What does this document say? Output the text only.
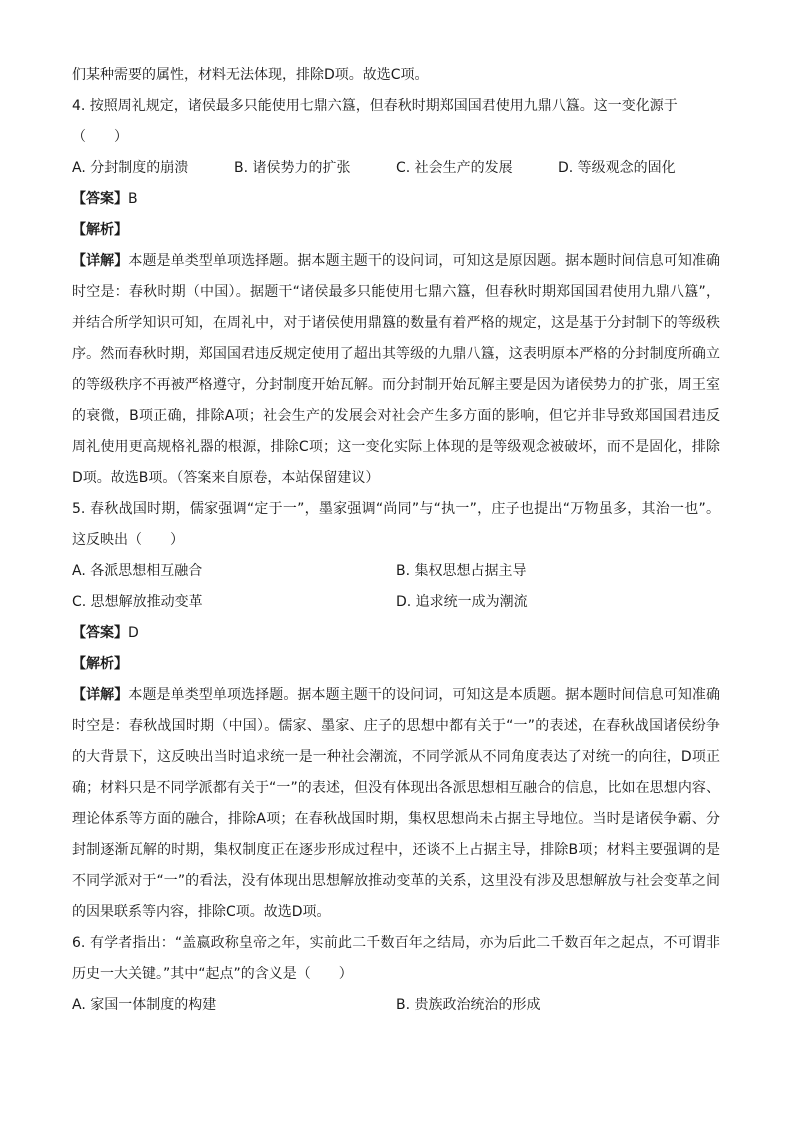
们某种需要的属性，材料无法体现，排除D项。故选C项。
4. 按照周礼规定，诸侯最多只能使用七鼎六簋，但春秋时期郑国国君使用九鼎八簋。这一变化源于
（　　）
A. 分封制度的崩溃	B. 诸侯势力的扩张	C. 社会生产的发展	D. 等级观念的固化
【答案】B
【解析】
【详解】本题是单类型单项选择题。据本题主题干的设问词，可知这是原因题。据本题时间信息可知准确时空是：春秋时期（中国）。据题干“诸侯最多只能使用七鼎六簋，但春秋时期郑国国君使用九鼎八簋”，并结合所学知识可知，在周礼中，对于诸侯使用鼎簋的数量有着严格的规定，这是基于分封制下的等级秩序。然而春秋时期，郑国国君违反规定使用了超出其等级的九鼎八簋，这表明原本严格的分封制度所确立的等级秩序不再被严格遵守，分封制度开始瓦解。而分封制开始瓦解主要是因为诸侯势力的扩张，周王室的衰微，B项正确，排除A项；社会生产的发展会对社会产生多方面的影响，但它并非导致郑国国君违反周礼使用更高规格礼器的根源，排除C项；这一变化实际上体现的是等级观念被破坏，而不是固化，排除D项。故选B项。（答案来自原卷，本站保留建议）
5. 春秋战国时期，儒家强调“定于一”，墨家强调“尚同”与“执一”，庄子也提出“万物虽多，其治一也”。这反映出（　　）
A. 各派思想相互融合	B. 集权思想占据主导
C. 思想解放推动变革	D. 追求统一成为潮流
【答案】D
【解析】
【详解】本题是单类型单项选择题。据本题主题干的设问词，可知这是本质题。据本题时间信息可知准确时空是：春秋战国时期（中国）。儒家、墨家、庄子的思想中都有关于“一”的表述，在春秋战国诸侯纷争的大背景下，这反映出当时追求统一是一种社会潮流，不同学派从不同角度表达了对统一的向往，D项正确；材料只是不同学派都有关于“一”的表述，但没有体现出各派思想相互融合的信息，比如在思想内容、理论体系等方面的融合，排除A项；在春秋战国时期，集权思想尚未占据主导地位。当时是诸侯争霸、分封制逐渐瓦解的时期，集权制度正在逐步形成过程中，还谈不上占据主导，排除B项；材料主要强调的是不同学派对于“一”的看法，没有体现出思想解放推动变革的关系，这里没有涉及思想解放与社会变革之间的因果联系等内容，排除C项。故选D项。
6. 有学者指出：“盖嬴政称皇帝之年，实前此二千数百年之结局，亦为后此二千数百年之起点，不可谓非历史一大关键。”其中“起点”的含义是（　　）
A. 家国一体制度的构建	B. 贵族政治统治的形成
